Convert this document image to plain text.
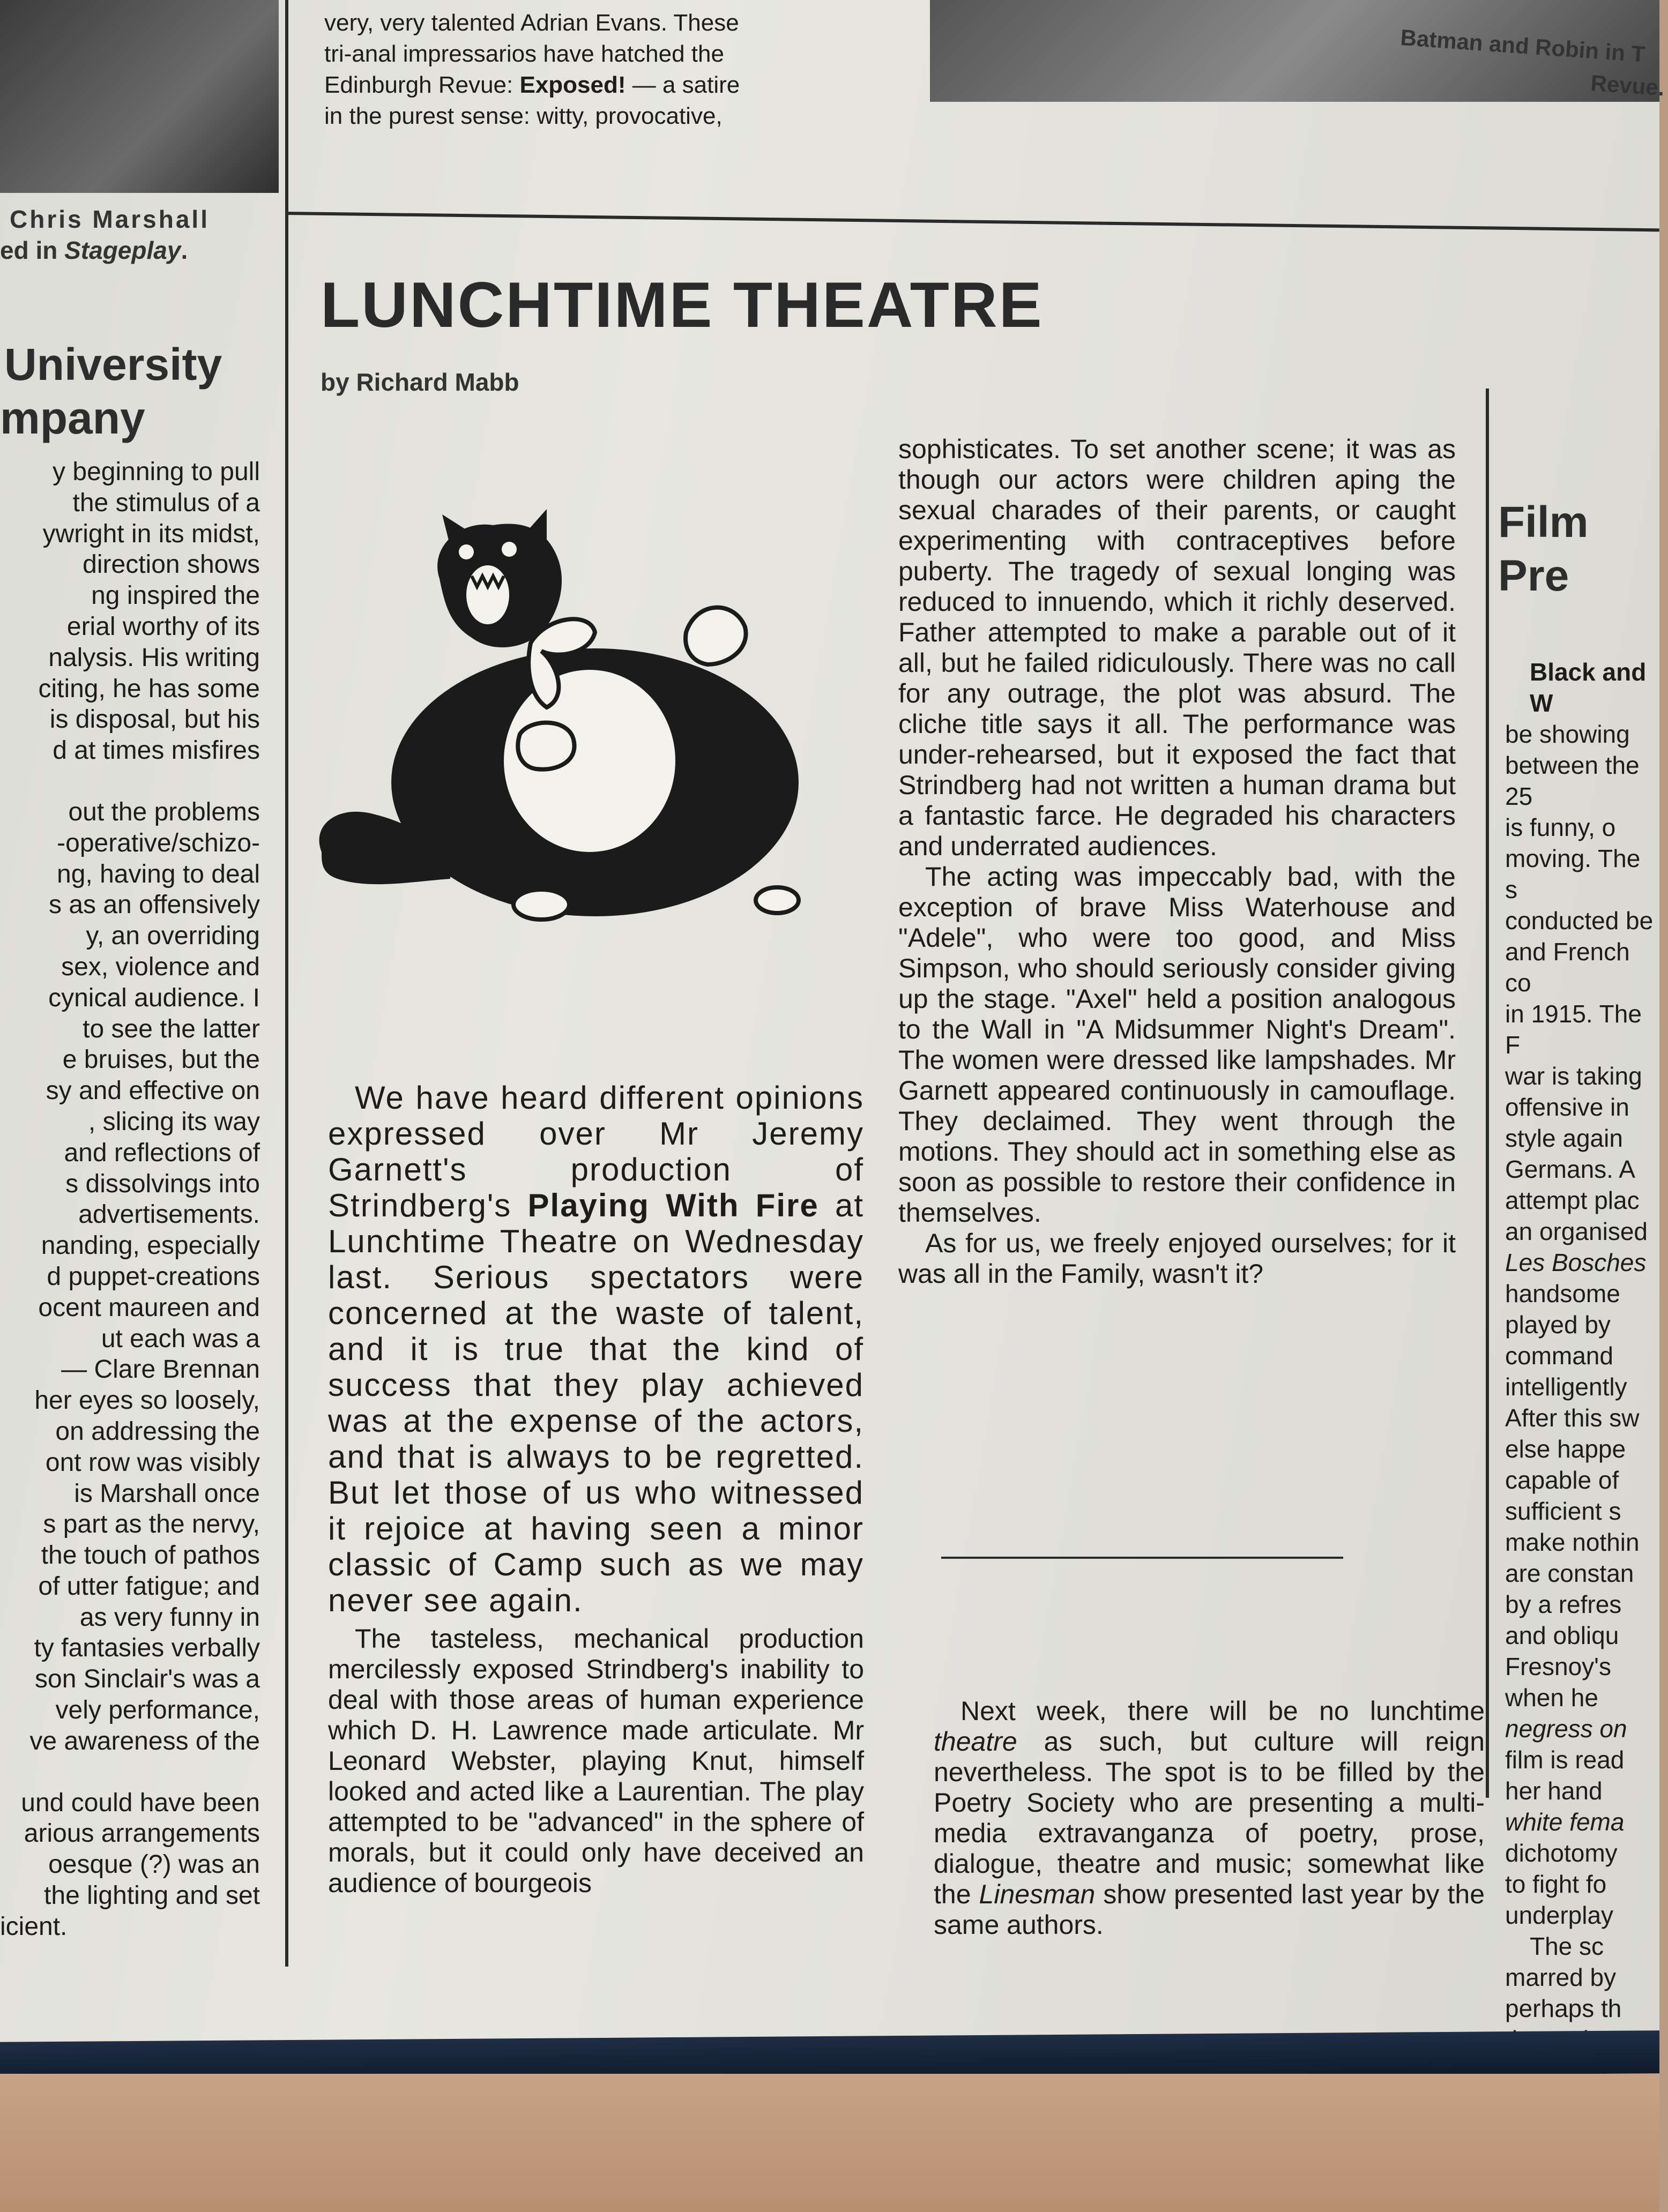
very, very talented Adrian Evans. These
tri-anal impressarios have hatched the
Edinburgh Revue: Exposed! — a satire
in the purest sense: witty, provocative,
Batman and Robin in T
Revue.
Chris Marshall
ed in Stageplay.
University
mpany
y beginning to pull
the stimulus of a
ywright in its midst,
direction shows
ng inspired the
erial worthy of its
nalysis. His writing
citing, he has some
is disposal, but his
d at times misfires
out the problems
-operative/schizo-
ng, having to deal
s as an offensively
y, an overriding
sex, violence and
cynical audience. I
to see the latter
e bruises, but the
sy and effective on
, slicing its way
and reflections of
s dissolvings into
advertisements.
nanding, especially
d puppet-creations
ocent maureen and
ut each was a
— Clare Brennan
her eyes so loosely,
on addressing the
ont row was visibly
is Marshall once
s part as the nervy,
the touch of pathos
of utter fatigue; and
as very funny in
ty fantasies verbally
son Sinclair's was a
vely performance,
ve awareness of the
und could have been
arious arrangements
oesque (?) was an
the lighting and set
icient.
LUNCHTIME THEATRE
by Richard Mabb

We have heard different opinions expressed over Mr Jeremy Garnett's production of Strindberg's Playing With Fire at Lunchtime Theatre on Wednesday last. Serious spectators were concerned at the waste of talent, and it is true that the kind of success that they play achieved was at the expense of the actors, and that is always to be regretted. But let those of us who witnessed it rejoice at having seen a minor classic of Camp such as we may never see again.

The tasteless, mechanical production mercilessly exposed Strindberg's inability to deal with those areas of human experience which D. H. Lawrence made articulate. Mr Leonard Webster, playing Knut, himself looked and acted like a Laurentian. The play attempted to be "advanced" in the sphere of morals, but it could only have deceived an audience of bourgeois

sophisticates. To set another scene; it was as though our actors were children aping the sexual charades of their parents, or caught experimenting with contraceptives before puberty. The tragedy of sexual longing was reduced to innuendo, which it richly deserved. Father attempted to make a parable out of it all, but he failed ridiculously. There was no call for any outrage, the plot was absurd. The cliche title says it all. The performance was under-rehearsed, but it exposed the fact that Strindberg had not written a human drama but a fantastic farce. He degraded his characters and underrated audiences.

The acting was impeccably bad, with the exception of brave Miss Waterhouse and "Adele", who were too good, and Miss Simpson, who should seriously consider giving up the stage. "Axel" held a position analogous to the Wall in "A Midsummer Night's Dream". The women were dressed like lampshades. Mr Garnett appeared continuously in camouflage. They declaimed. They went through the motions. They should act in something else as soon as possible to restore their confidence in themselves.

As for us, we freely enjoyed ourselves; for it was all in the Family, wasn't it?

Next week, there will be no lunchtime theatre as such, but culture will reign nevertheless. The spot is to be filled by the Poetry Society who are presenting a multi-media extravanganza of poetry, prose, dialogue, theatre and music; somewhat like the Linesman show presented last year by the same authors.

Film Pre
Black and W
be showing
between the 25
is funny, o
moving. The s
conducted be
and French co
in 1915. The F
war is taking
offensive in
style again
Germans. A
attempt plac
an organised
Les Bosches
handsome
played by
command
intelligently
After this sw
else happe
capable of
sufficient s
make nothin
are constan
by a refres
and obliqu
Fresnoy's
when he
negress on
film is read
her hand
white fema
dichotomy
to fight fo
underplay
The sc
marred by
perhaps th
